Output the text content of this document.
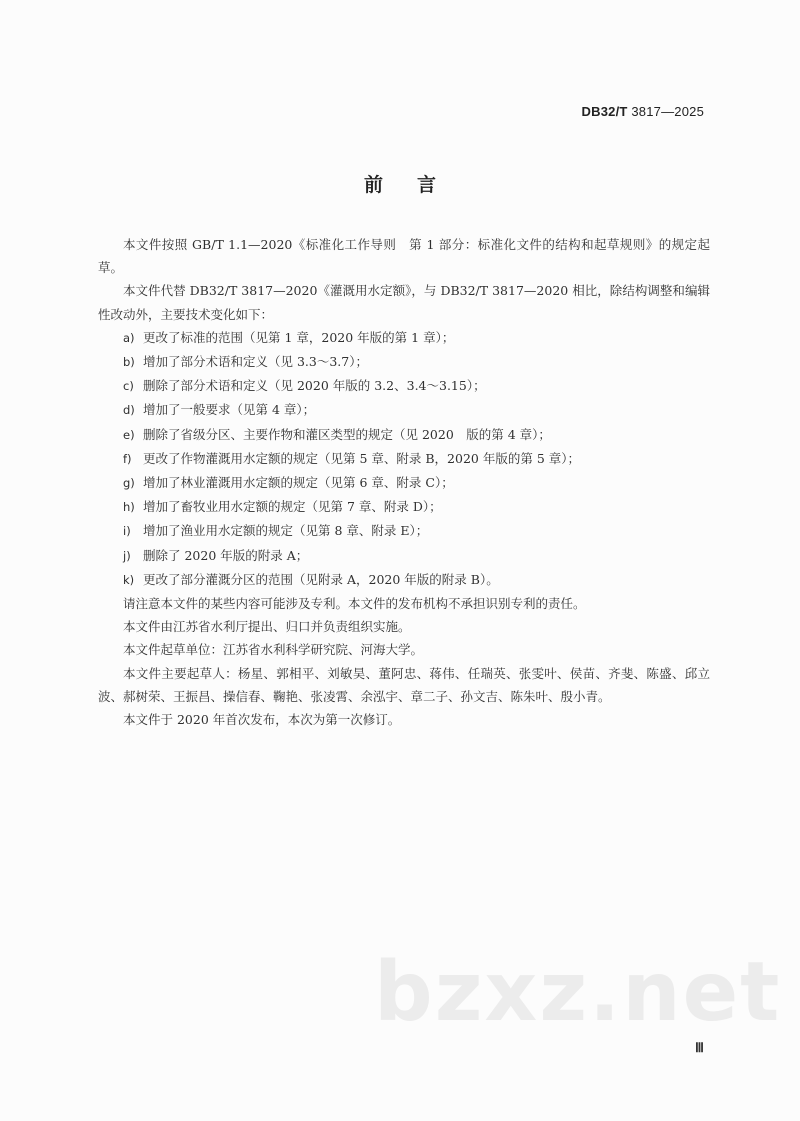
DB32/T 3817—2025
前言

本文件按照 GB/T 1.1—2020《标准化工作导则　第 1 部分：标准化文件的结构和起草规则》的规定起草。

本文件代替 DB32/T 3817—2020《灌溉用水定额》，与 DB32/T 3817—2020 相比，除结构调整和编辑性改动外，主要技术变化如下：

a) 更改了标准的范围（见第 1 章，2020 年版的第 1 章）；
b) 增加了部分术语和定义（见 3.3～3.7）；
c) 删除了部分术语和定义（见 2020 年版的 3.2、3.4～3.15）；
d) 增加了一般要求（见第 4 章）；
e) 删除了省级分区、主要作物和灌区类型的规定（见 2020　版的第 4 章）；
f) 更改了作物灌溉用水定额的规定（见第 5 章、附录 B，2020 年版的第 5 章）；
g) 增加了林业灌溉用水定额的规定（见第 6 章、附录 C）；
h) 增加了畜牧业用水定额的规定（见第 7 章、附录 D）；
i) 增加了渔业用水定额的规定（见第 8 章、附录 E）；
j) 删除了 2020 年版的附录 A；
k) 更改了部分灌溉分区的范围（见附录 A，2020 年版的附录 B）。

请注意本文件的某些内容可能涉及专利。本文件的发布机构不承担识别专利的责任。

本文件由江苏省水利厅提出、归口并负责组织实施。

本文件起草单位：江苏省水利科学研究院、河海大学。

本文件主要起草人：杨星、郭相平、刘敏昊、董阿忠、蒋伟、任瑞英、张雯叶、侯苗、齐斐、陈盛、邱立波、郝树荣、王振昌、操信春、鞠艳、张凌霄、余泓宇、章二子、孙文吉、陈朱叶、殷小青。

本文件于 2020 年首次发布，本次为第一次修订。

bzxz.net
Ⅲ
